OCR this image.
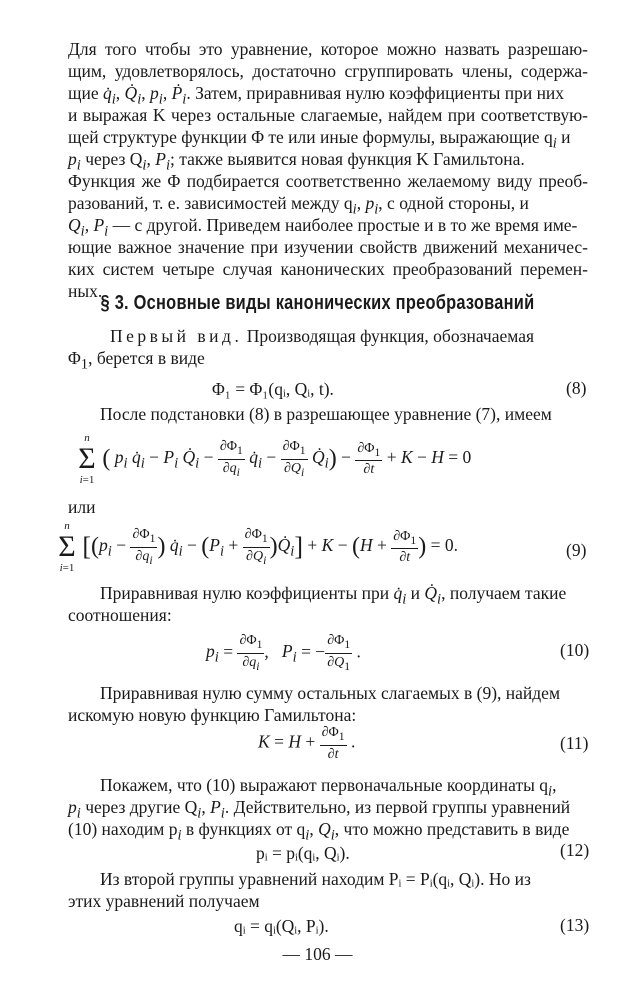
Для того чтобы это уравнение, которое можно назвать разрешаю-
щим, удовлетворялось, достаточно сгруппировать члены, содержа-
щие $q̇_i$, $Q̇_i$, $p_i$, Ṗ$_i$. Затем, приравнивая нулю коэффициенты при них
и выражая K через остальные слагаемые, найдем при соответствую-
щей структуре функции Φ те или иные формулы, выражающие $q_i$ и
$p_i$ через $Q_i$, $P_i$; также выявится новая функция K Гамильтона.
Функция же Φ подбирается соответственно желаемому виду преоб-
разований, т. е. зависимостей между $q_i$, $p_i$, с одной стороны, и
$Q_i$, $P_i$ — с другой. Приведем наиболее простые и в то же время име-
ющие важное значение при изучении свойств движений механичес-
ких систем четыре случая канонических преобразований перемен-
ных.
§ 3. Основные виды канонических преобразований
Первый вид. Производящая функция, обозначаемая
$\Phi_1$, берется в виде
Φ₁ = Φ₁(qᵢ, Qᵢ, t).	(8)
После подстановки (8) в разрешающее уравнение (7), имеем
n
Σ
i=1 ( $p_i$ $q̇_i - P_i$ $Q̇_i - \frac{\partial\Phi_1}{\partial q_i}$ $q̇_i - \frac{\partial\Phi_1}{\partial Q_i}$ $Q̇_i) - \frac{\partial\Phi_1}{\partial t} + K - H = 0$
или
n
Σ
i=1 [($p_i - \frac{\partial\Phi_1}{\partial q_i}$ ) $q̇_i - (P_i + \frac{\partial\Phi_1}{\partial Q_i}$ )$Q̇_i] + K - (H + \frac{\partial\Phi_1}{\partial t}$ ) = 0.	(9)
Приравнивая нулю коэффициенты при $q̇_i$ и $Q̇_i$, получаем такие
соотношения:
$p_i = \frac{\partial\Phi_1}{\partial q_i}$ ,   $P_i$ = − $\frac{\partial\Phi_1}{\partial Q_1}$ .	(10)
Приравнивая нулю сумму остальных слагаемых в (9), найдем
искомую новую функцию Гамильтона:
$K = H + \frac{\partial\Phi_1}{\partial t}$ .	(11)
Покажем, что (10) выражают первоначальные координаты $q_i$,
$p_i$ через другие $Q_i$, $P_i$. Действительно, из первой группы уравнений
(10) находим $p_i$ в функциях от $q_i$, $Q_i$, что можно представить в виде
pᵢ = pᵢ(qᵢ, Qᵢ).	(12)
Из второй группы уравнений находим Pᵢ = Pᵢ(qᵢ, Qᵢ). Но из
этих уравнений получаем
qᵢ = qᵢ(Qᵢ, Pᵢ).	(13)
— 106 —
